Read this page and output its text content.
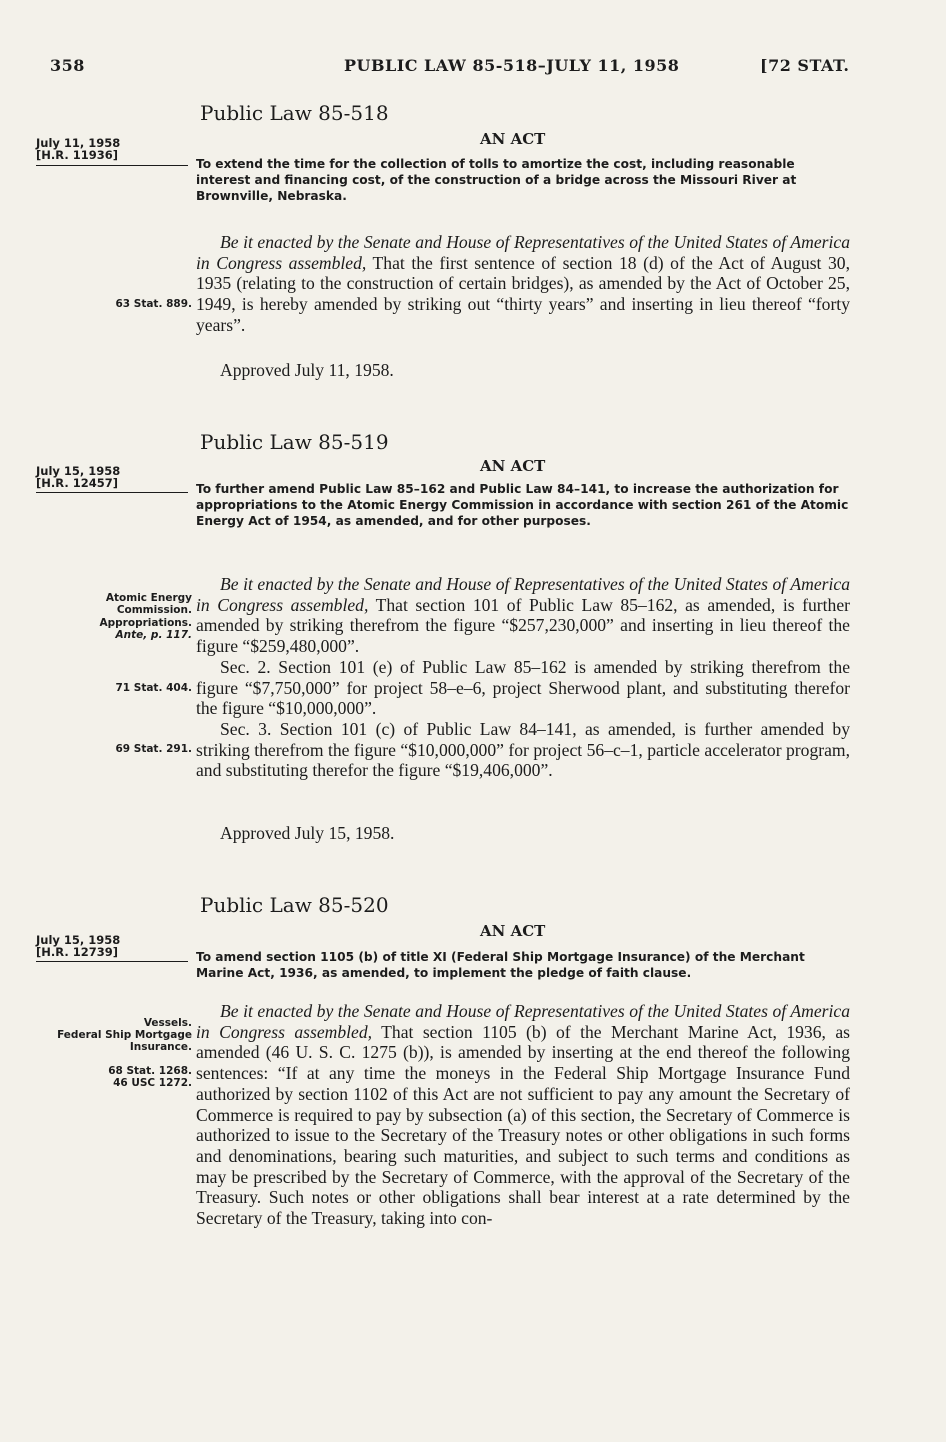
358	PUBLIC LAW 85-518–JULY 11, 1958	[72 STAT.
Public Law 85-518
AN ACT
July 11, 1958
[H.R. 11936]
To extend the time for the collection of tolls to amortize the cost, including reasonable interest and financing cost, of the construction of a bridge across the Missouri River at Brownville, Nebraska.
63 Stat. 889.

Be it enacted by the Senate and House of Representatives of the United States of America in Congress assembled, That the first sentence of section 18 (d) of the Act of August 30, 1935 (relating to the construction of certain bridges), as amended by the Act of October 25, 1949, is hereby amended by striking out “thirty years” and inserting in lieu thereof “forty years”.

Approved July 11, 1958.
Public Law 85-519
AN ACT
July 15, 1958
[H.R. 12457]	To further amend Public Law 85–162 and Public Law 84–141, to increase the authorization for appropriations to the Atomic Energy Commission in accordance with section 261 of the Atomic Energy Act of 1954, as amended, and for other purposes.
Atomic Energy Commission.
Appropriations.
Ante, p. 117.
71 Stat. 404.
69 Stat. 291.

Be it enacted by the Senate and House of Representatives of the United States of America in Congress assembled, That section 101 of Public Law 85–162, as amended, is further amended by striking therefrom the figure “$257,230,000” and inserting in lieu thereof the figure “$259,480,000”.

Sec. 2. Section 101 (e) of Public Law 85–162 is amended by striking therefrom the figure “$7,750,000” for project 58–e–6, project Sherwood plant, and substituting therefor the figure “$10,000,000”.

Sec. 3. Section 101 (c) of Public Law 84–141, as amended, is further amended by striking therefrom the figure “$10,000,000” for project 56–c–1, particle accelerator program, and substituting therefor the figure “$19,406,000”.

Approved July 15, 1958.
Public Law 85-520
AN ACT
July 15, 1958
[H.R. 12739]	To amend section 1105 (b) of title XI (Federal Ship Mortgage Insurance) of the Merchant Marine Act, 1936, as amended, to implement the pledge of faith clause.
Vessels.
Federal Ship Mortgage Insurance.
68 Stat. 1268.
46 USC 1272.

Be it enacted by the Senate and House of Representatives of the United States of America in Congress assembled, That section 1105 (b) of the Merchant Marine Act, 1936, as amended (46 U. S. C. 1275 (b)), is amended by inserting at the end thereof the following sentences: “If at any time the moneys in the Federal Ship Mortgage Insurance Fund authorized by section 1102 of this Act are not sufficient to pay any amount the Secretary of Commerce is required to pay by subsection (a) of this section, the Secretary of Commerce is authorized to issue to the Secretary of the Treasury notes or other obligations in such forms and denominations, bearing such maturities, and subject to such terms and conditions as may be prescribed by the Secretary of Commerce, with the approval of the Secretary of the Treasury. Such notes or other obligations shall bear interest at a rate determined by the Secretary of the Treasury, taking into con-
